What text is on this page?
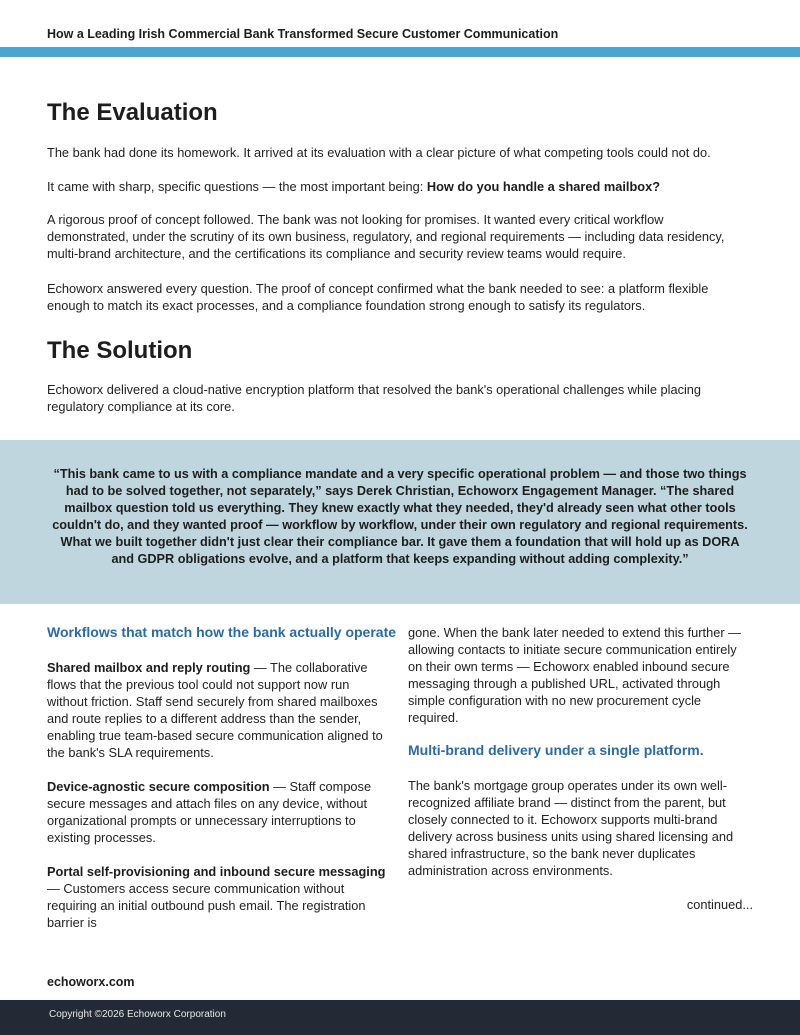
How a Leading Irish Commercial Bank Transformed Secure Customer Communication
The Evaluation

The bank had done its homework. It arrived at its evaluation with a clear picture of what competing tools could not do.

It came with sharp, specific questions — the most important being: How do you handle a shared mailbox?

A rigorous proof of concept followed. The bank was not looking for promises. It wanted every critical workflow demonstrated, under the scrutiny of its own business, regulatory, and regional requirements — including data residency, multi-brand architecture, and the certifications its compliance and security review teams would require.

Echoworx answered every question. The proof of concept confirmed what the bank needed to see: a platform flexible enough to match its exact processes, and a compliance foundation strong enough to satisfy its regulators.

The Solution

Echoworx delivered a cloud-native encryption platform that resolved the bank's operational challenges while placing regulatory compliance at its core.

“This bank came to us with a compliance mandate and a very specific operational problem — and those two things had to be solved together, not separately,” says Derek Christian, Echoworx Engagement Manager. “The shared mailbox question told us everything. They knew exactly what they needed, they'd already seen what other tools couldn't do, and they wanted proof — workflow by workflow, under their own regulatory and regional requirements. What we built together didn't just clear their compliance bar. It gave them a foundation that will hold up as DORA and GDPR obligations evolve, and a platform that keeps expanding without adding complexity.”

Workflows that match how the bank actually operate

Shared mailbox and reply routing — The collaborative flows that the previous tool could not support now run without friction. Staff send securely from shared mailboxes and route replies to a different address than the sender, enabling true team-based secure communication aligned to the bank's SLA requirements.

Device-agnostic secure composition — Staff compose secure messages and attach files on any device, without organizational prompts or unnecessary interruptions to existing processes.

Portal self-provisioning and inbound secure messaging — Customers access secure communication without requiring an initial outbound push email. The registration barrier is

gone. When the bank later needed to extend this further — allowing contacts to initiate secure communication entirely on their own terms — Echoworx enabled inbound secure messaging through a published URL, activated through simple configuration with no new procurement cycle required.

Multi-brand delivery under a single platform.

The bank's mortgage group operates under its own well-recognized affiliate brand — distinct from the parent, but closely connected to it. Echoworx supports multi-brand delivery across business units using shared licensing and shared infrastructure, so the bank never duplicates administration across environments.

continued...
echoworx.com
Copyright ©2026 Echoworx Corporation
